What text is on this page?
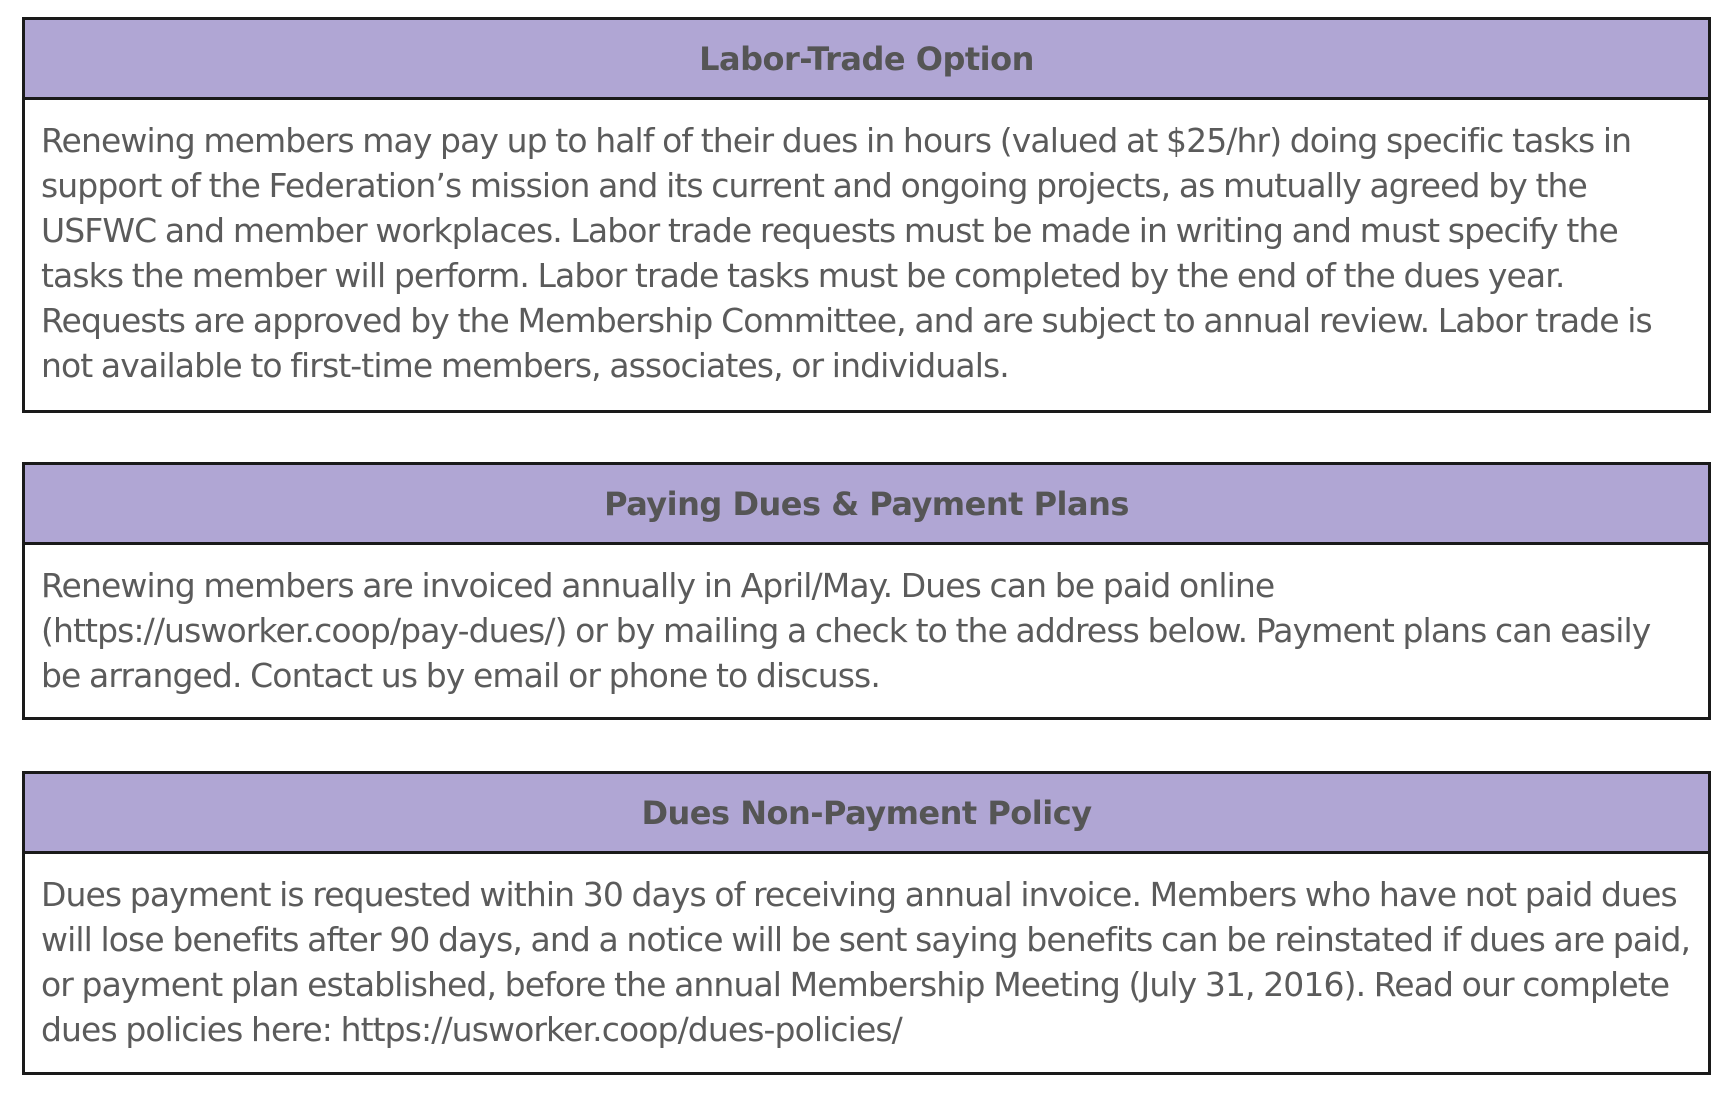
Labor-Trade Option
Renewing members may pay up to half of their dues in hours (valued at $25/hr) doing specific tasks in support of the Federation’s mission and its current and ongoing projects, as mutually agreed by the USFWC and member workplaces. Labor trade requests must be made in writing and must specify the tasks the member will perform. Labor trade tasks must be completed by the end of the dues year. Requests are approved by the Membership Committee, and are subject to annual review. Labor trade is not available to first-time members, associates, or individuals.
Paying Dues & Payment Plans
Renewing members are invoiced annually in April/May. Dues can be paid online (https://usworker.coop/pay-dues/) or by mailing a check to the address below. Payment plans can easily be arranged. Contact us by email or phone to discuss.
Dues Non-Payment Policy
Dues payment is requested within 30 days of receiving annual invoice. Members who have not paid dues will lose benefits after 90 days, and a notice will be sent saying benefits can be reinstated if dues are paid, or payment plan established, before the annual Membership Meeting (July 31, 2016). Read our complete dues policies here: https://usworker.coop/dues-policies/
